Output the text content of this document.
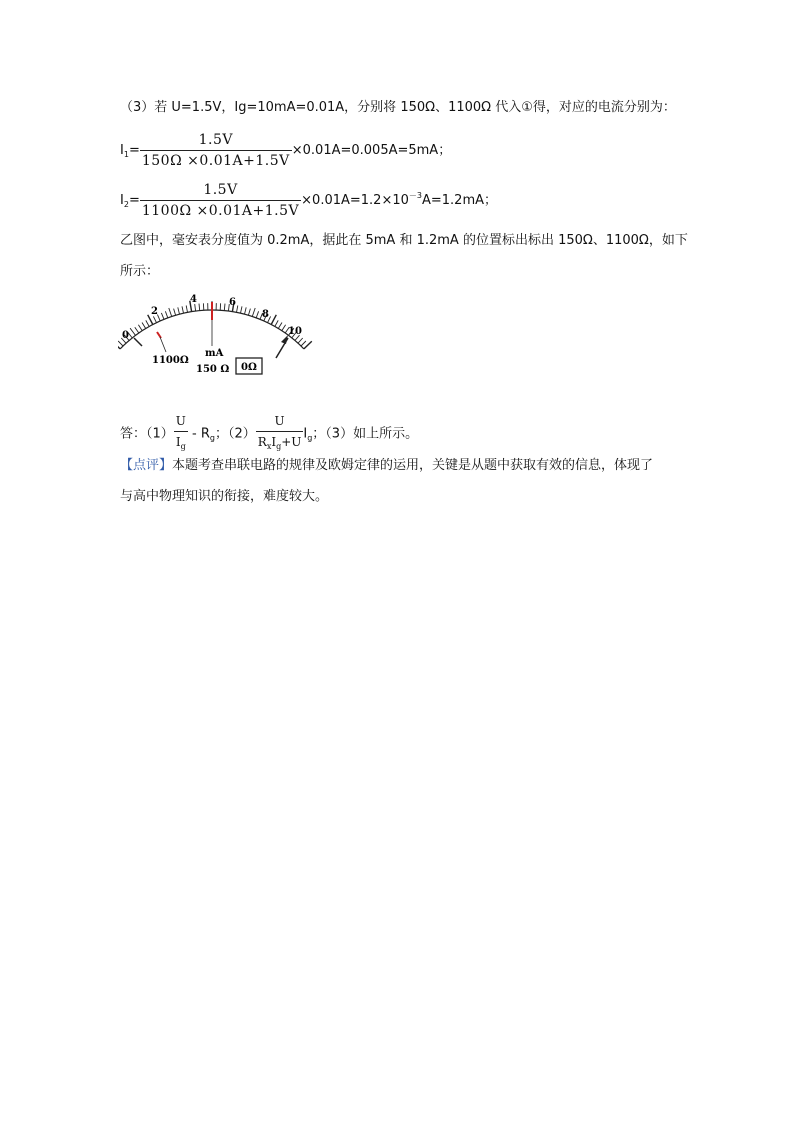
（3）若 U=1.5V，Ig=10mA=0.01A，分别将 150Ω、1100Ω 代入①得，对应的电流分别为：
$I_1= \frac{1.5V}{150\Omega \times 0.01A+1.5V} \times 0.01A=0.005A=5mA$；
$I_2= \frac{1.5V}{1100\Omega \times 0.01A+1.5V} \times 0.01A=1.2\times 10^{-3}A=1.2mA$；
乙图中，毫安表分度值为 0.2mA，据此在 5mA 和 1.2mA 的位置标出标出 150Ω、1100Ω，如下
所示：
0
2
4	6
8
10
mA
1100Ω
150 Ω 0Ω
答：$(1) \frac{U}{I_g} - R_g$；$(2) \frac{U}{R_xI_g+U} I_g$；（3）如上所示。
【点评】本题考查串联电路的规律及欧姆定律的运用，关键是从题中获取有效的信息，体现了
与高中物理知识的衔接，难度较大。
